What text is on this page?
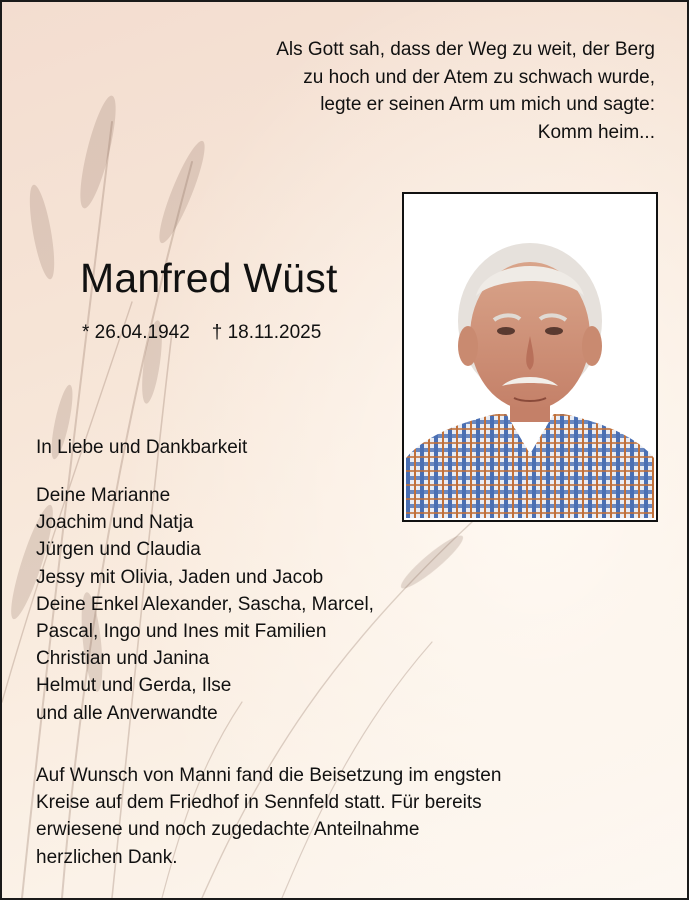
Als Gott sah, dass der Weg zu weit, der Berg
zu hoch und der Atem zu schwach wurde,
legte er seinen Arm um mich und sagte:
Komm heim...
Manfred Wüst
* 26.04.1942 † 18.11.2025
In Liebe und Dankbarkeit
Deine Marianne
Joachim und Natja
Jürgen und Claudia
Jessy mit Olivia, Jaden und Jacob
Deine Enkel Alexander, Sascha, Marcel,
Pascal, Ingo und Ines mit Familien
Christian und Janina
Helmut und Gerda, Ilse
und alle Anverwandte
Auf Wunsch von Manni fand die Beisetzung im engsten
Kreise auf dem Friedhof in Sennfeld statt. Für bereits
erwiesene und noch zugedachte Anteilnahme
herzlichen Dank.
